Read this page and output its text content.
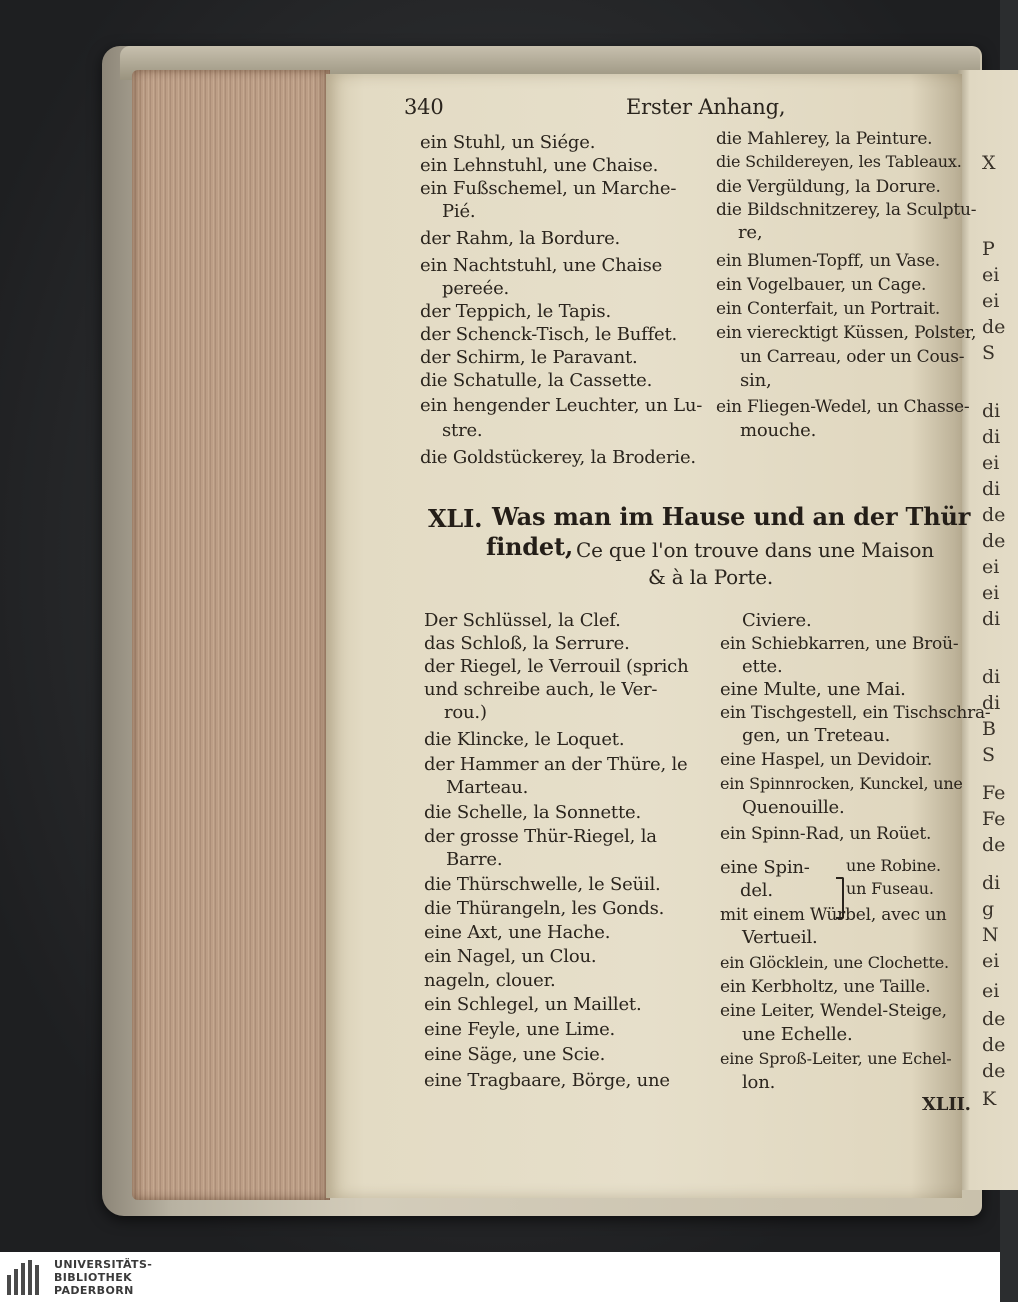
X
P
ei
ei
de
S
di
di
ei
di
de
de
ei
ei
di
di
di
B
S
Fe
Fe
de
di
g
N
ei
ei
de
de
de
K
340	Erster Anhang,
ein Stuhl, un Siége.
ein Lehnstuhl, une Chaise.
ein Fußschemel, un Marche-
Pié.
der Rahm, la Bordure.
ein Nachtstuhl, une Chaise
pereée.
der Teppich, le Tapis.
der Schenck-Tisch, le Buffet.
der Schirm, le Paravant.
die Schatulle, la Cassette.
ein hengender Leuchter, un Lu-
stre.
die Goldstückerey, la Broderie.
die Mahlerey, la Peinture.
die Schildereyen, les Tableaux.
die Vergüldung, la Dorure.
die Bildschnitzerey, la Sculptu-
re,
ein Blumen-Topff, un Vase.
ein Vogelbauer, un Cage.
ein Conterfait, un Portrait.
ein vierecktigt Küssen, Polster,
un Carreau, oder un Cous-
sin,
ein Fliegen-Wedel, un Chasse-
mouche.
XLI. Was man im Hause und an der Thür
findet, Ce que l'on trouve dans une Maison
& à la Porte.
Der Schlüssel, la Clef.
das Schloß, la Serrure.
der Riegel, le Verrouil (sprich
und schreibe auch, le Ver-
rou.)
die Klincke, le Loquet.
der Hammer an der Thüre, le
Marteau.
die Schelle, la Sonnette.
der grosse Thür-Riegel, la
Barre.
die Thürschwelle, le Seüil.
die Thürangeln, les Gonds.
eine Axt, une Hache.
ein Nagel, un Clou.
nageln, clouer.
ein Schlegel, un Maillet.
eine Feyle, une Lime.
eine Säge, une Scie.
eine Tragbaare, Börge, une
Civiere.
ein Schiebkarren, une Broü-
ette.
eine Multe, une Mai.
ein Tischgestell, ein Tischschra-
gen, un Treteau.
eine Haspel, un Devidoir.
ein Spinnrocken, Kunckel, une
Quenouille.
ein Spinn-Rad, un Roüet.
eine Spin-
del.
une Robine.
un Fuseau.
mit einem Würbel, avec un
Vertueil.
ein Glöcklein, une Clochette.
ein Kerbholtz, une Taille.
eine Leiter, Wendel-Steige,
une Echelle.
eine Sproß-Leiter, une Echel-
lon.
XLII.
UNIVERSITÄTS-
BIBLIOTHEK
PADERBORN
